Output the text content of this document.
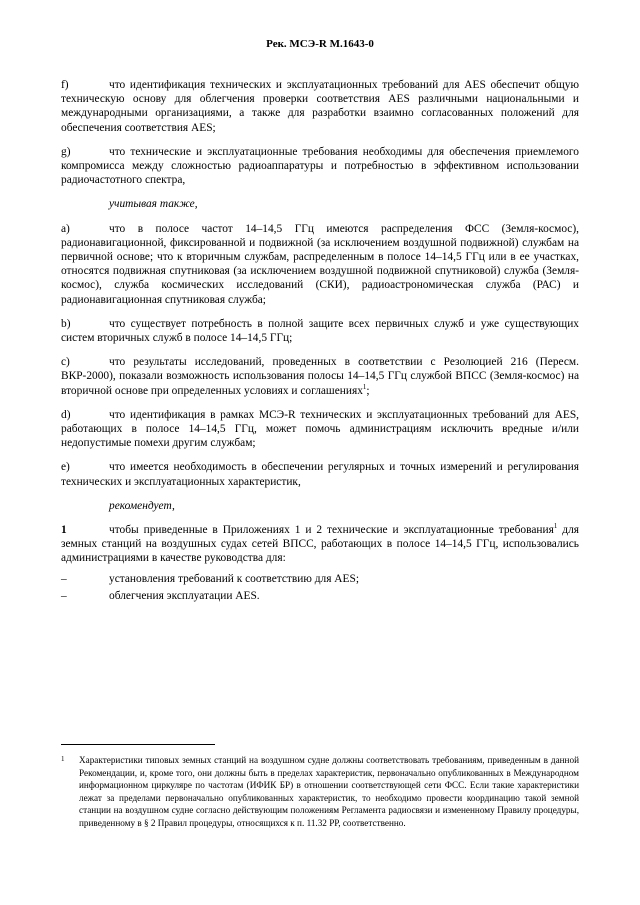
Рек. МСЭ-R M.1643-0

f)	что идентификация технических и эксплуатационных требований для AES обеспечит общую техническую основу для облегчения проверки соответствия AES различными национальными и международными организациями, а также для разработки взаимно согласованных положений для обеспечения соответствия AES;

g)	что технические и эксплуатационные требования необходимы для обеспечения приемлемого компромисса между сложностью радиоаппаратуры и потребностью в эффективном использовании радиочастотного спектра,

учитывая также,

a)	что в полосе частот 14–14,5 ГГц имеются распределения ФСС (Земля-космос), радионавигационной, фиксированной и подвижной (за исключением воздушной подвижной) службам на первичной основе; что к вторичным службам, распределенным в полосе 14–14,5 ГГц или в ее участках, относятся подвижная спутниковая (за исключением воздушной подвижной спутниковой) служба (Земля-космос), служба космических исследований (СКИ), радиоастрономическая служба (РАС) и радионавигационная спутниковая служба;

b)	что существует потребность в полной защите всех первичных служб и уже существующих систем вторичных служб в полосе 14–14,5 ГГц;

c)	что результаты исследований, проведенных в соответствии с Резолюцией 216 (Пересм. ВКР-2000), показали возможность использования полосы 14–14,5 ГГц службой ВПСС (Земля-космос) на вторичной основе при определенных условиях и соглашениях$^1$;

d)	что идентификация в рамках МСЭ-R технических и эксплуатационных требований для AES, работающих в полосе 14–14,5 ГГц, может помочь администрациям исключить вредные и/или недопустимые помехи другим службам;

e)	что имеется необходимость в обеспечении регулярных и точных измерений и регулирования технических и эксплуатационных характеристик,

рекомендует,

1	чтобы приведенные в Приложениях 1 и 2 технические и эксплуатационные требования$^1$ для земных станций на воздушных судах сетей ВПСС, работающих в полосе 14–14,5 ГГц, использовались администрациями в качестве руководства для:

–	установления требований к соответствию для AES;
–	облегчения эксплуатации AES.
1	Характеристики типовых земных станций на воздушном судне должны соответствовать требованиям, приведенным в данной Рекомендации, и, кроме того, они должны быть в пределах характеристик, первоначально опубликованных в Международном информационном циркуляре по частотам (ИФИК БР) в отношении соответствующей сети ФСС. Если такие характеристики лежат за пределами первоначально опубликованных характеристик, то необходимо провести координацию такой земной станции на воздушном судне согласно действующим положениям Регламента радиосвязи и измененному Правилу процедуры, приведенному в § 2 Правил процедуры, относящихся к п. 11.32 РР, соответственно.
